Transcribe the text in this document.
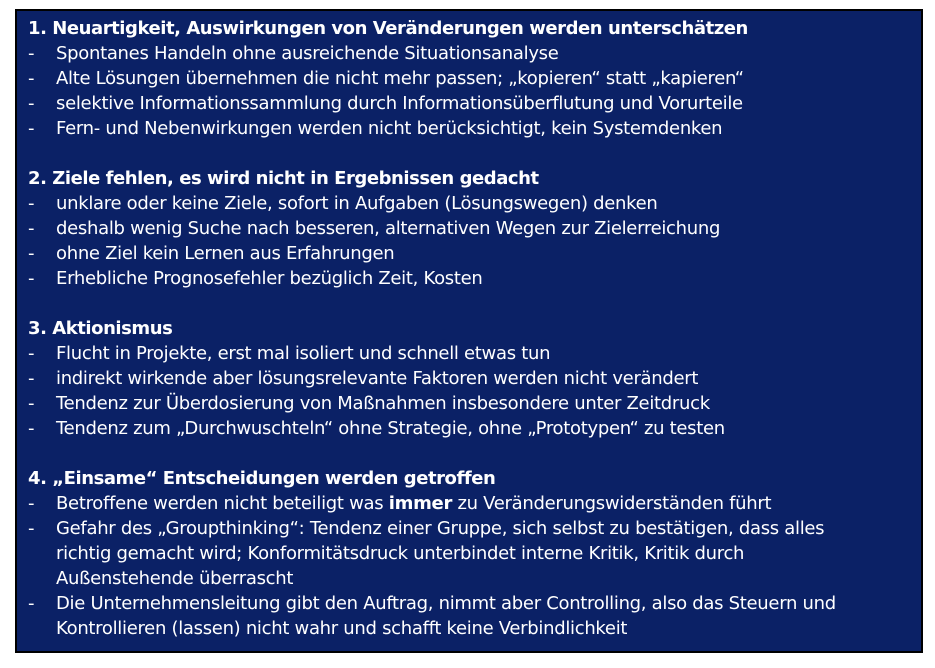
1. Neuartigkeit, Auswirkungen von Veränderungen werden unterschätzen
-	Spontanes Handeln ohne ausreichende Situationsanalyse
-	Alte Lösungen übernehmen die nicht mehr passen; „kopieren“ statt „kapieren“
-	selektive Informationssammlung durch Informationsüberflutung und Vorurteile
-	Fern- und Nebenwirkungen werden nicht berücksichtigt, kein Systemdenken
2. Ziele fehlen, es wird nicht in Ergebnissen gedacht
-	unklare oder keine Ziele, sofort in Aufgaben (Lösungswegen) denken
-	deshalb wenig Suche nach besseren, alternativen Wegen zur Zielerreichung
-	ohne Ziel kein Lernen aus Erfahrungen
-	Erhebliche Prognosefehler bezüglich Zeit, Kosten
3. Aktionismus
-	Flucht in Projekte, erst mal isoliert und schnell etwas tun
-	indirekt wirkende aber lösungsrelevante Faktoren werden nicht verändert
-	Tendenz zur Überdosierung von Maßnahmen insbesondere unter Zeitdruck
-	Tendenz zum „Durchwuschteln“ ohne Strategie, ohne „Prototypen“ zu testen
4. „Einsame“ Entscheidungen werden getroffen
-	Betroffene werden nicht beteiligt was immer zu Veränderungswiderständen führt
-	Gefahr des „Groupthinking“: Tendenz einer Gruppe, sich selbst zu bestätigen, dass alles
richtig gemacht wird; Konformitätsdruck unterbindet interne Kritik, Kritik durch
Außenstehende überrascht
-	Die Unternehmensleitung gibt den Auftrag, nimmt aber Controlling, also das Steuern und
Kontrollieren (lassen) nicht wahr und schafft keine Verbindlichkeit
